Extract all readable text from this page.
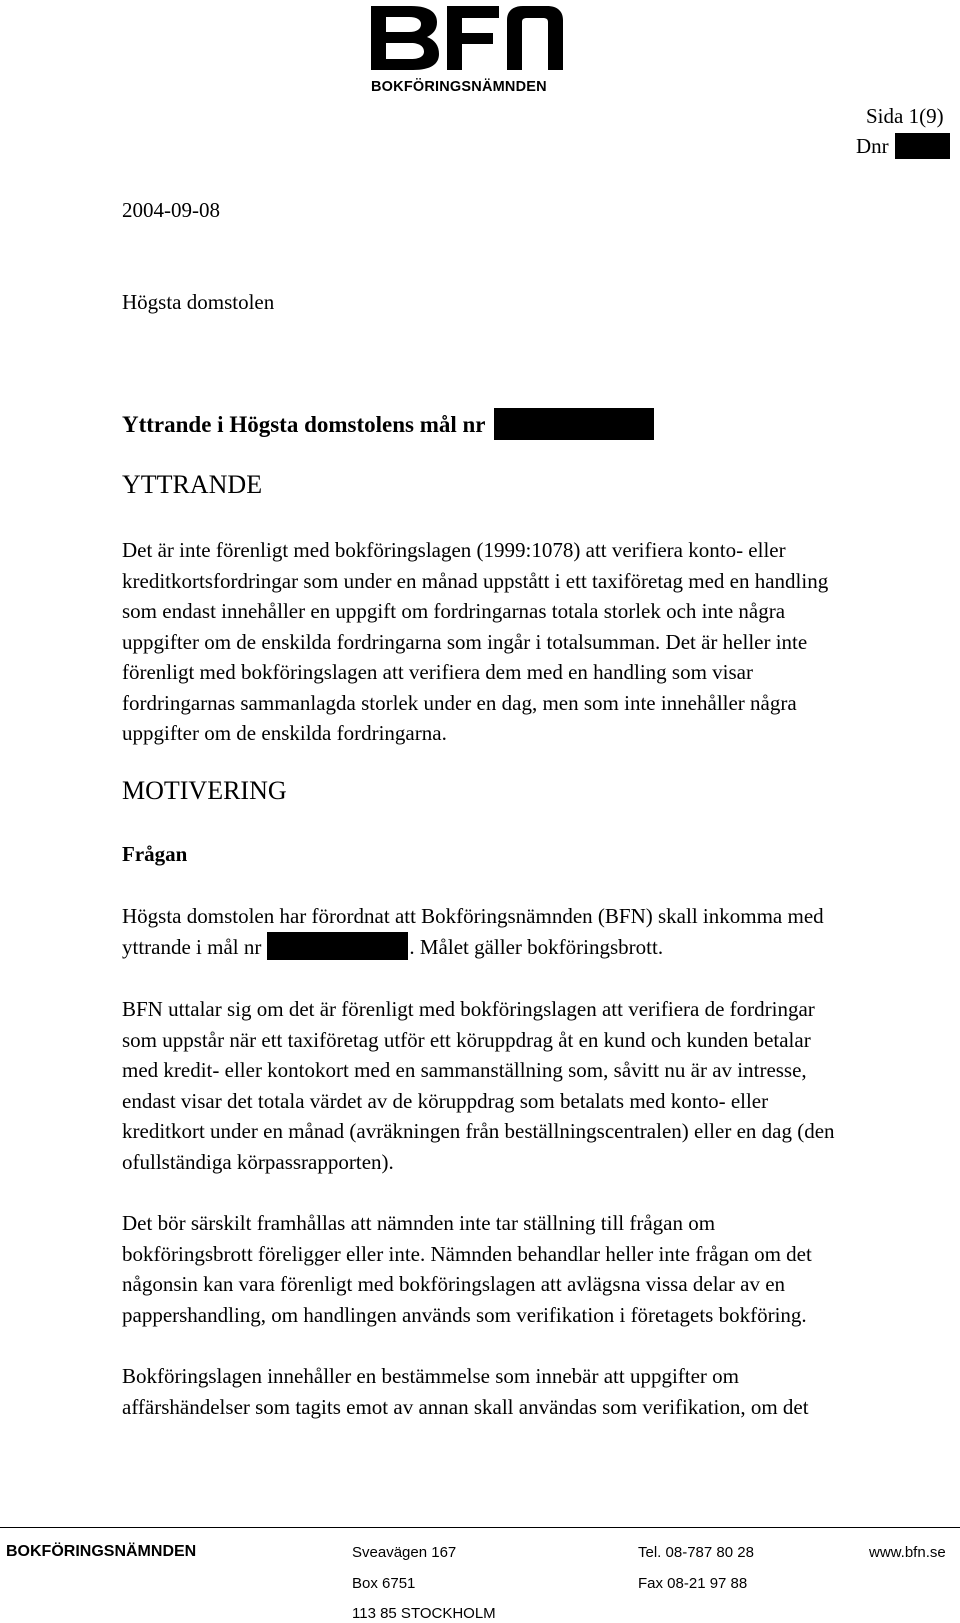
BOKFÖRINGSNÄMNDEN
Sida 1(9)
Dnr
2004-09-08
Högsta domstolen
Yttrande i Högsta domstolens mål nr
YTTRANDE
Det är inte förenligt med bokföringslagen (1999:1078) att verifiera konto- eller
kreditkortsfordringar som under en månad uppstått i ett taxiföretag med en handling
som endast innehåller en uppgift om fordringarnas totala storlek och inte några
uppgifter om de enskilda fordringarna som ingår i totalsumman. Det är heller inte
förenligt med bokföringslagen att verifiera dem med en handling som visar
fordringarnas sammanlagda storlek under en dag, men som inte innehåller några
uppgifter om de enskilda fordringarna.
MOTIVERING
Frågan
Högsta domstolen har förordnat att Bokföringsnämnden (BFN) skall inkomma med
yttrande i mål nr	. Målet gäller bokföringsbrott.
BFN uttalar sig om det är förenligt med bokföringslagen att verifiera de fordringar
som uppstår när ett taxiföretag utför ett köruppdrag åt en kund och kunden betalar
med kredit- eller kontokort med en sammanställning som, såvitt nu är av intresse,
endast visar det totala värdet av de köruppdrag som betalats med konto- eller
kreditkort under en månad (avräkningen från beställningscentralen) eller en dag (den
ofullständiga körpassrapporten).
Det bör särskilt framhållas att nämnden inte tar ställning till frågan om
bokföringsbrott föreligger eller inte. Nämnden behandlar heller inte frågan om det
någonsin kan vara förenligt med bokföringslagen att avlägsna vissa delar av en
pappershandling, om handlingen används som verifikation i företagets bokföring.
Bokföringslagen innehåller en bestämmelse som innebär att uppgifter om
affärshändelser som tagits emot av annan skall användas som verifikation, om det
BOKFÖRINGSNÄMNDEN	Sveavägen 167
Box 6751
113 85 STOCKHOLM
Tel. 08-787 80 28
Fax 08-21 97 88
www.bfn.se
